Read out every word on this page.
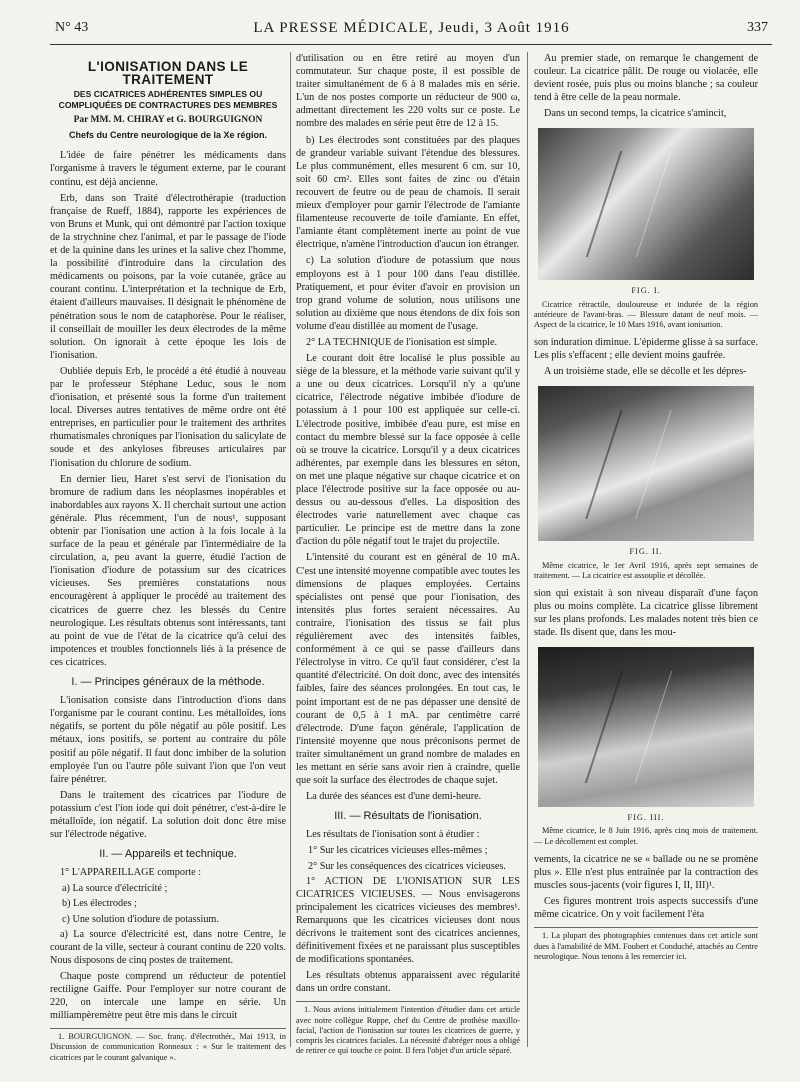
N° 43	LA PRESSE MÉDICALE, Jeudi, 3 Août 1916	337
L'IONISATION DANS LE TRAITEMENT
DES CICATRICES ADHÉRENTES SIMPLES OU COMPLIQUÉES DE CONTRACTURES DES MEMBRES
Par MM. M. CHIRAY et G. BOURGUIGNON
Chefs du Centre neurologique de la Xe région.

L'idée de faire pénétrer les médicaments dans l'organisme à travers le tégument externe, par le courant continu, est déjà ancienne.

Erb, dans son Traité d'électrothérapie (traduction française de Rueff, 1884), rapporte les expériences de von Bruns et Munk, qui ont démontré par l'action toxique de la strychnine chez l'animal, et par le passage de l'iode et de la quinine dans les urines et la salive chez l'homme, la possibilité d'introduire dans la circulation des médicaments ou poisons, par la voie cutanée, grâce au courant continu. L'interprétation et la technique de Erb, étaient d'ailleurs mauvaises. Il désignait le phénomène de pénétration sous le nom de cataphorèse. Pour le réaliser, il conseillait de mouiller les deux électrodes de la même solution. On ignorait à cette époque les lois de l'ionisation.

Oubliée depuis Erb, le procédé a été étudié à nouveau par le professeur Stéphane Leduc, sous le nom d'ionisation, et présenté sous la forme d'un traitement local. Diverses autres tentatives de même ordre ont été entreprises, en particulier pour le traitement des arthrites rhumatismales chroniques par l'ionisation du salicylate de soude et des ankyloses fibreuses articulaires par l'ionisation du chlorure de sodium.

En dernier lieu, Haret s'est servi de l'ionisation du bromure de radium dans les néoplasmes inopérables et inabordables aux rayons X. Il cherchait surtout une action générale. Plus récemment, l'un de nous¹, supposant obtenir par l'ionisation une action à la fois locale à la surface de la peau et générale par l'intermédiaire de la circulation, a, peu avant la guerre, étudié l'action de l'ionisation d'iodure de potassium sur des cicatrices vicieuses. Ses premières constatations nous encouragèrent à appliquer le procédé au traitement des cicatrices de guerre chez les blessés du Centre neurologique. Les résultats obtenus sont intéressants, tant au point de vue de l'état de la cicatrice qu'à celui des impotences et troubles fonctionnels liés à la présence de ces cicatrices.

I. — Principes généraux de la méthode.

L'ionisation consiste dans l'introduction d'ions dans l'organisme par le courant continu. Les métalloïdes, ions négatifs, se portent du pôle négatif au pôle positif. Les métaux, ions positifs, se portent au contraire du pôle positif au pôle négatif. Il faut donc imbiber de la solution employée l'un ou l'autre pôle suivant l'ion que l'on veut faire pénétrer.

Dans le traitement des cicatrices par l'iodure de potassium c'est l'ion iode qui doit pénétrer, c'est-à-dire le métalloïde, ion négatif. La solution doit donc être mise sur l'électrode négative.

II. — Appareils et technique.

1° L'APPAREILLAGE comporte :

a) La source d'électricité ;
b) Les électrodes ;
c) Une solution d'iodure de potassium.

a) La source d'électricité est, dans notre Centre, le courant de la ville, secteur à courant continu de 220 volts. Nous disposons de cinq postes de traitement.

Chaque poste comprend un réducteur de potentiel rectiligne Gaiffe. Pour l'employer sur notre courant de 220, on intercale une lampe en série. Un milliampèremètre peut être mis dans le circuit

1. BOURGUIGNON. — Soc. franç. d'électrothér., Mai 1913, in Discussion de communication Ronneaux : « Sur le traitement des cicatrices par le courant galvanique ».

d'utilisation ou en être retiré au moyen d'un commutateur. Sur chaque poste, il est possible de traiter simultanément de 6 à 8 malades mis en série. L'un de nos postes comporte un réducteur de 900 ω, admettant directement les 220 volts sur ce poste. Le nombre des malades en série peut être de 12 à 15.

b) Les électrodes sont constituées par des plaques de grandeur variable suivant l'étendue des blessures. Le plus communément, elles mesurent 6 cm. sur 10, soit 60 cm². Elles sont faites de zinc ou d'étain recouvert de feutre ou de peau de chamois. Il serait mieux d'employer pour garnir l'électrode de l'amiante filamenteuse recouverte de toile d'amiante. En effet, l'amiante étant complètement inerte au point de vue électrique, n'amène l'introduction d'aucun ion étranger.

c) La solution d'iodure de potassium que nous employons est à 1 pour 100 dans l'eau distillée. Pratiquement, et pour éviter d'avoir en provision un trop grand volume de solution, nous utilisons une solution au dixième que nous étendons de dix fois son volume d'eau distillée au moment de l'usage.

2° LA TECHNIQUE de l'ionisation est simple.

Le courant doit être localisé le plus possible au siège de la blessure, et la méthode varie suivant qu'il y a une ou deux cicatrices. Lorsqu'il n'y a qu'une cicatrice, l'électrode négative imbibée d'iodure de potassium à 1 pour 100 est appliquée sur celle-ci. L'électrode positive, imbibée d'eau pure, est mise en contact du membre blessé sur la face opposée à celle où se trouve la cicatrice. Lorsqu'il y a deux cicatrices adhérentes, par exemple dans les blessures en séton, on met une plaque négative sur chaque cicatrice et on place l'électrode positive sur la face opposée ou au-dessus ou au-dessous d'elles. La disposition des électrodes varie naturellement avec chaque cas particulier. Le principe est de mettre dans la zone d'action du pôle négatif tout le trajet du projectile.

L'intensité du courant est en général de 10 mA. C'est une intensité moyenne compatible avec toutes les dimensions de plaques employées. Certains spécialistes ont pensé que pour l'ionisation, des intensités plus fortes seraient nécessaires. Au contraire, l'ionisation des tissus se fait plus régulièrement avec des intensités faibles, conformément à ce qui se passe d'ailleurs dans l'électrolyse in vitro. Ce qu'il faut considérer, c'est la quantité d'électricité. On doit donc, avec des intensités faibles, faire des séances prolongées. En tout cas, le point important est de ne pas dépasser une densité de courant de 0,5 à 1 mA. par centimètre carré d'électrode. D'une façon générale, l'application de l'intensité moyenne que nous préconisons permet de traiter simultanément un grand nombre de malades en les mettant en série sans avoir rien à craindre, quelle que soit la surface des électrodes de chaque sujet.

La durée des séances est d'une demi-heure.

III. — Résultats de l'ionisation.

Les résultats de l'ionisation sont à étudier :

1° Sur les cicatrices vicieuses elles-mêmes ;
2° Sur les conséquences des cicatrices vicieuses.

1° ACTION DE L'IONISATION SUR LES CICATRICES VICIEUSES. — Nous envisagerons principalement les cicatrices vicieuses des membres¹. Remarquons que les cicatrices vicieuses dont nous décrivons le traitement sont des cicatrices anciennes, définitivement fixées et ne paraissant plus susceptibles de modifications spontanées.

Les résultats obtenus apparaissent avec régularité dans un ordre constant.

1. Nous avions initialement l'intention d'étudier dans cet article avec notre collègue Ruppe, chef du Centre de prothèse maxillo-facial, l'action de l'ionisation sur toutes les cicatrices de guerre, y compris les cicatrices faciales. La nécessité d'abréger nous a obligé de retirer ce qui touche ce point. Il fera l'objet d'un article séparé.

Au premier stade, on remarque le changement de couleur. La cicatrice pâlit. De rouge ou violacée, elle devient rosée, puis plus ou moins blanche ; sa couleur tend à être celle de la peau normale.

Dans un second temps, la cicatrice s'amincit,

FIG. I.
Cicatrice rétractile, douloureuse et indurée de la région antérieure de l'avant-bras. — Blessure datant de neuf mois. — Aspect de la cicatrice, le 10 Mars 1916, avant ionisation.

son induration diminue. L'épiderme glisse à sa surface. Les plis s'effacent ; elle devient moins gaufrée.

A un troisième stade, elle se décolle et les dépres-

FIG. II.
Même cicatrice, le 1er Avril 1916, après sept semaines de traitement. — La cicatrice est assouplie et décollée.

sion qui existait à son niveau disparaît d'une façon plus ou moins complète. La cicatrice glisse librement sur les plans profonds. Les malades notent très bien ce stade. Ils disent que, dans les mou-

FIG. III.
Même cicatrice, le 8 Juin 1916, après cinq mois de traitement. — Le décollement est complet.

vements, la cicatrice ne se « ballade ou ne se promène plus ». Elle n'est plus entraînée par la contraction des muscles sous-jacents (voir figures I, II, III)¹.

Ces figures montrent trois aspects successifs d'une même cicatrice. On y voit facilement l'éta

1. La plupart des photographies contenues dans cet article sont dues à l'amabilité de MM. Foubert et Conduché, attachés au Centre neurologique. Nous tenons à les remercier ici.
